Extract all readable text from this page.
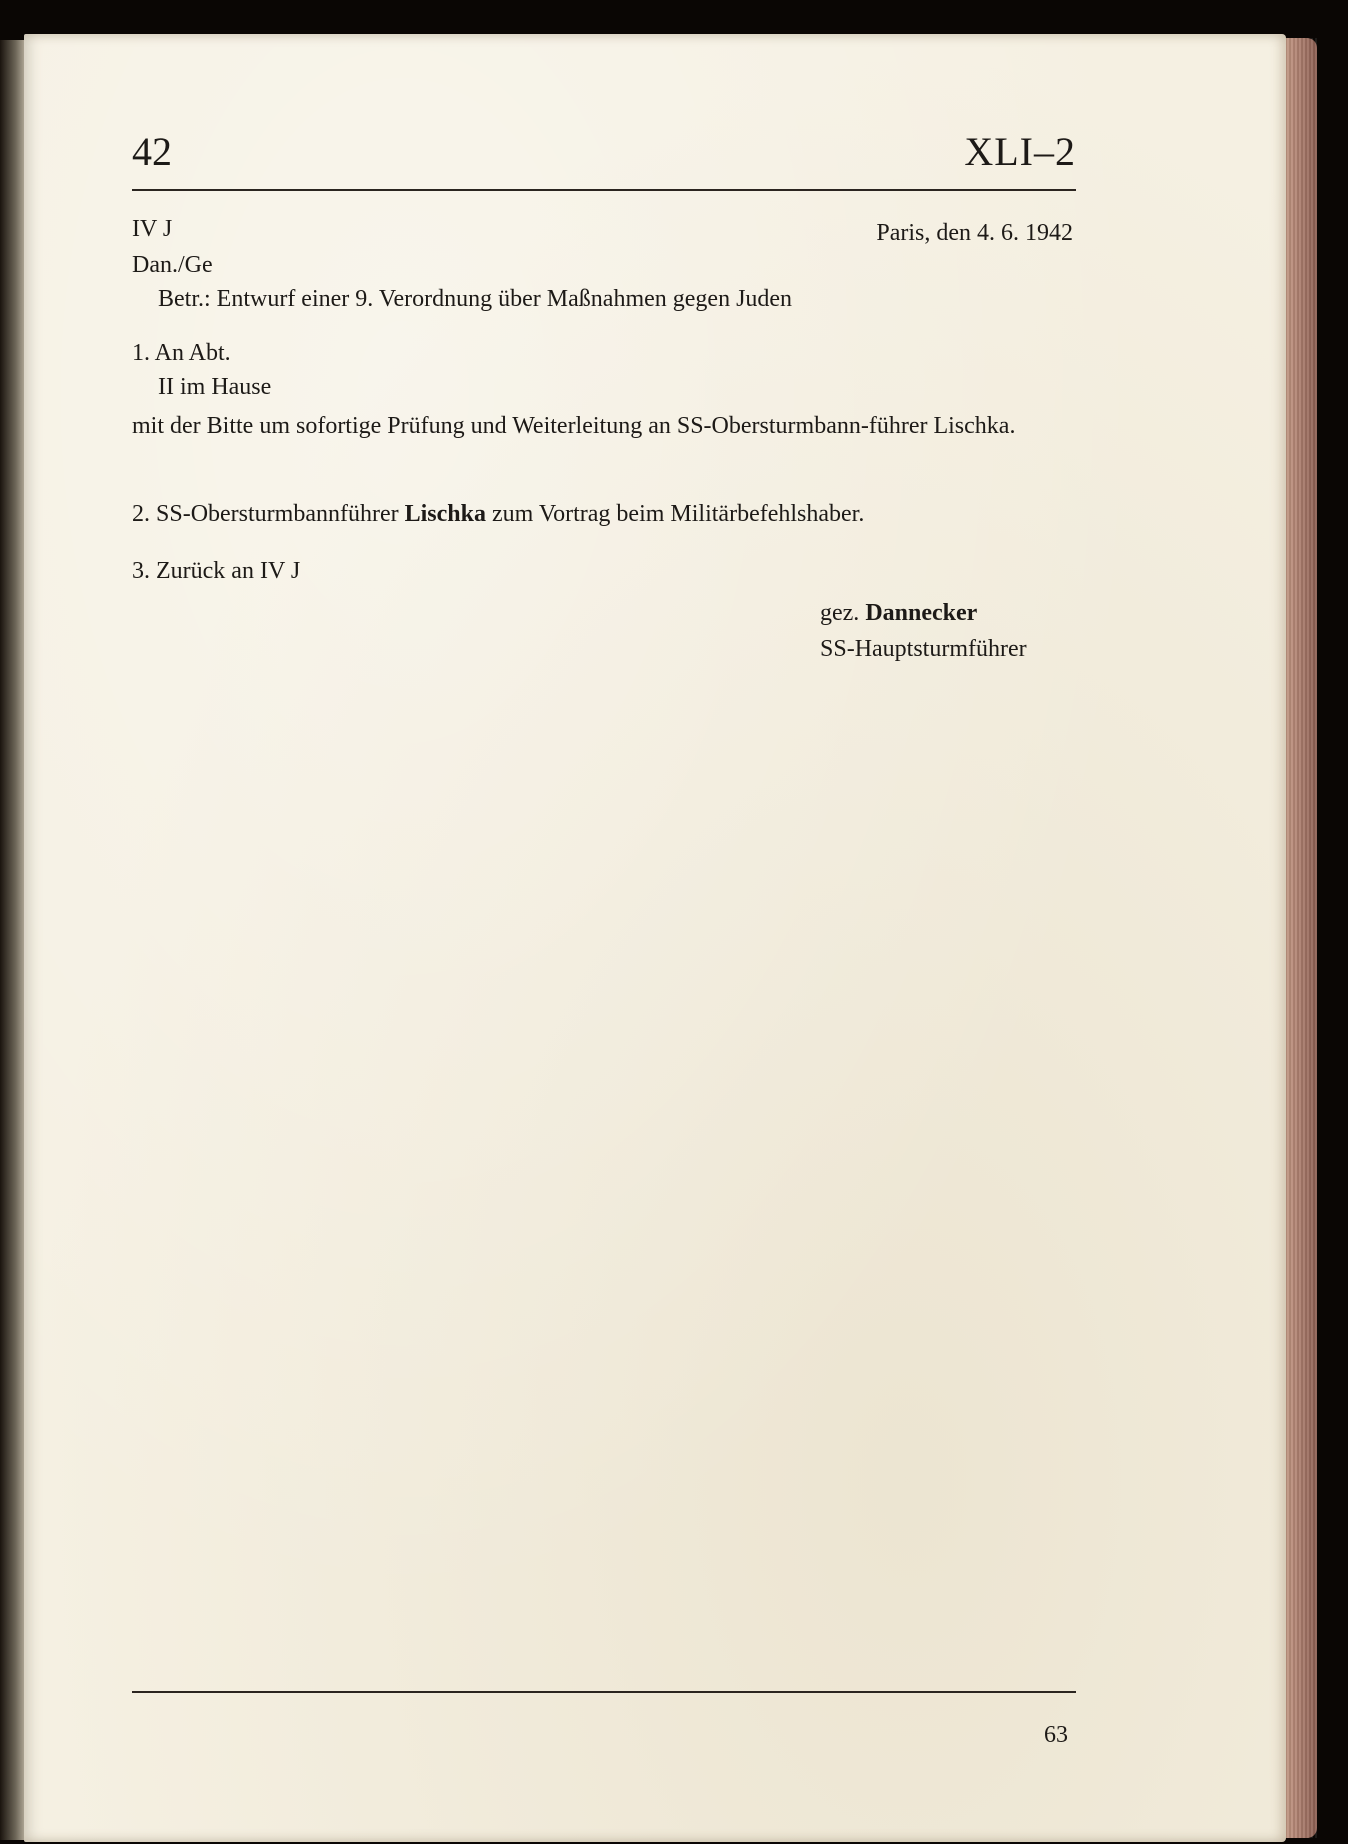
42	XLI–2
IV J	Paris, den 4. 6. 1942
Dan./Ge
Betr.: Entwurf einer 9. Verordnung über Maßnahmen gegen Juden
1. An Abt.
II im Hause
mit der Bitte um sofortige Prüfung und Weiterleitung an SS-Obersturmbann-führer Lischka.
2. SS-Obersturmbannführer Lischka zum Vortrag beim Militärbefehlshaber.
3. Zurück an IV J
gez. Dannecker
SS-Hauptsturmführer
63
